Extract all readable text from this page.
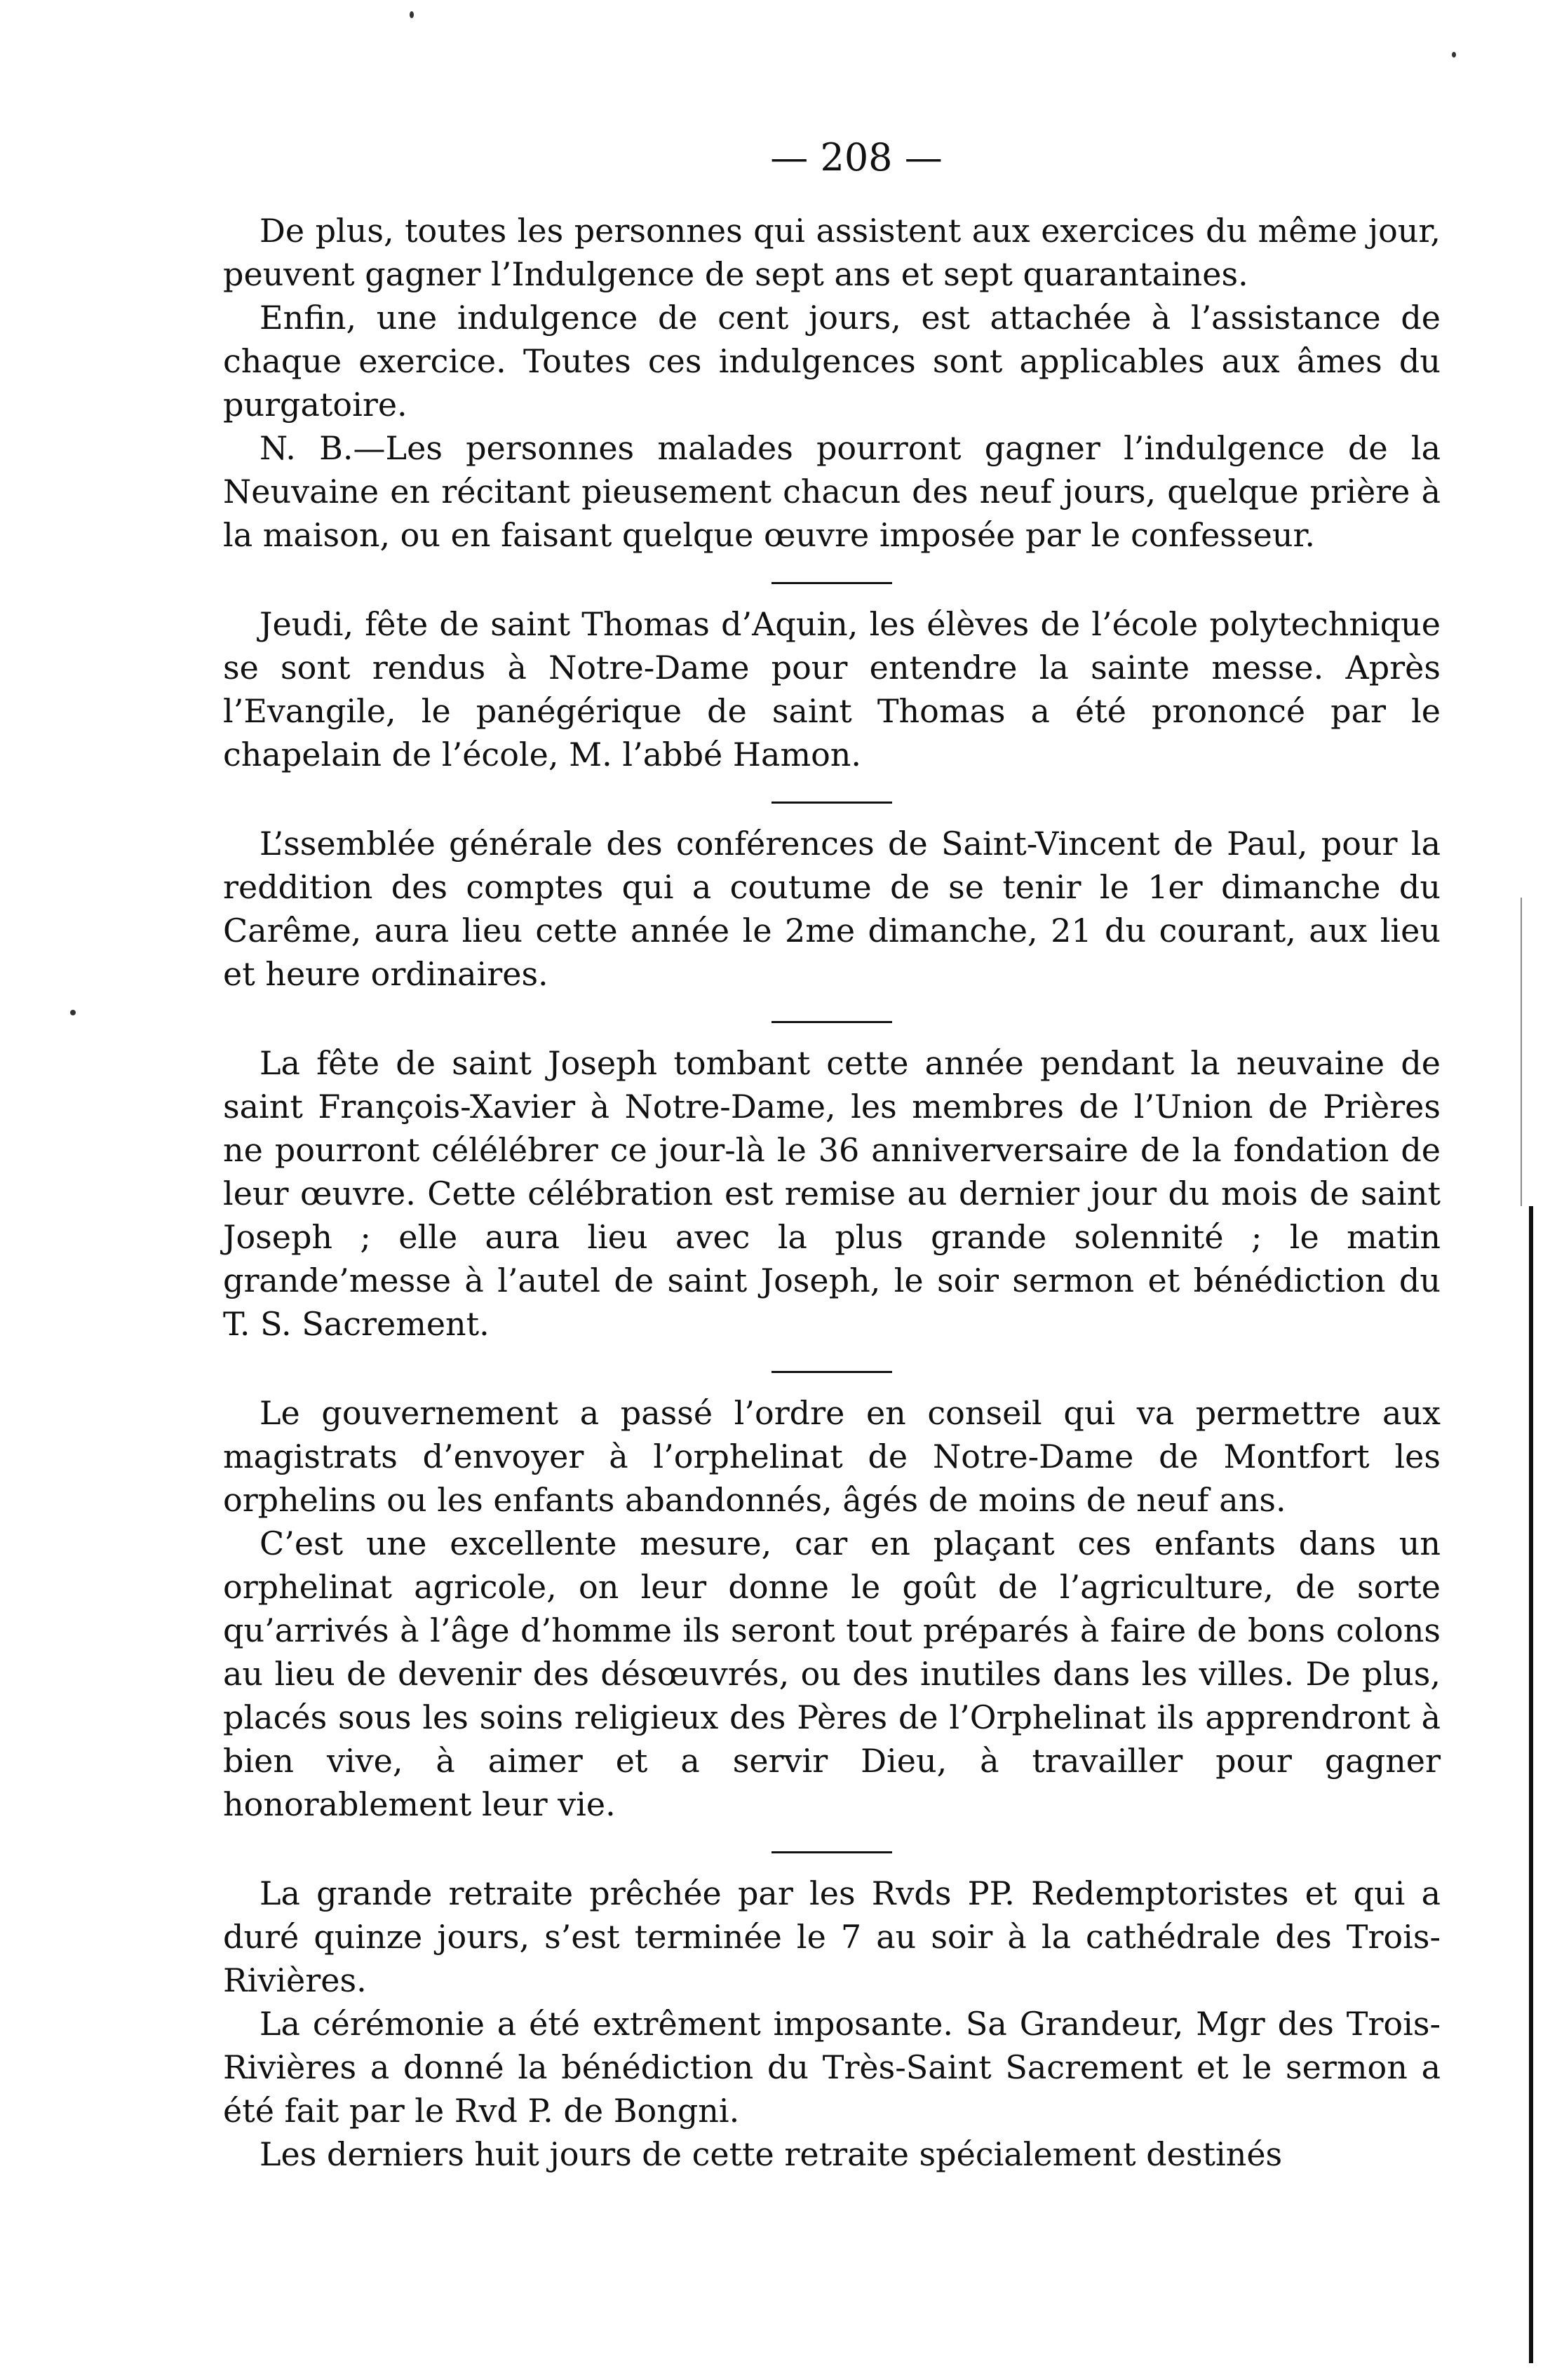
— 208 —

De plus, toutes les personnes qui assistent aux exercices du même jour, peuvent gagner l’Indulgence de sept ans et sept quarantaines.

Enfin, une indulgence de cent jours, est attachée à l’assistance de chaque exercice. Toutes ces indulgences sont applicables aux âmes du purgatoire.

N. B.—Les personnes malades pourront gagner l’indulgence de la Neuvaine en récitant pieusement chacun des neuf jours, quelque prière à la maison, ou en faisant quelque œuvre imposée par le confesseur.

Jeudi, fête de saint Thomas d’Aquin, les élèves de l’école polytechnique se sont rendus à Notre-Dame pour entendre la sainte messe. Après l’Evangile, le panégérique de saint Thomas a été prononcé par le chapelain de l’école, M. l’abbé Hamon.

L’ssemblée générale des conférences de Saint-Vincent de Paul, pour la reddition des comptes qui a coutume de se tenir le 1er dimanche du Carême, aura lieu cette année le 2me dimanche, 21 du courant, aux lieu et heure ordinaires.

La fête de saint Joseph tombant cette année pendant la neuvaine de saint François-Xavier à Notre-Dame, les membres de l’Union de Prières ne pourront célélébrer ce jour-là le 36 anniverversaire de la fondation de leur œuvre. Cette célébration est remise au dernier jour du mois de saint Joseph ; elle aura lieu avec la plus grande solennité ; le matin grande’messe à l’autel de saint Joseph, le soir sermon et bénédiction du T. S. Sacrement.

Le gouvernement a passé l’ordre en conseil qui va permettre aux magistrats d’envoyer à l’orphelinat de Notre-Dame de Montfort les orphelins ou les enfants abandonnés, âgés de moins de neuf ans.

C’est une excellente mesure, car en plaçant ces enfants dans un orphelinat agricole, on leur donne le goût de l’agriculture, de sorte qu’arrivés à l’âge d’homme ils seront tout préparés à faire de bons colons au lieu de devenir des désœuvrés, ou des inutiles dans les villes. De plus, placés sous les soins religieux des Pères de l’Orphelinat ils apprendront à bien vive, à aimer et a servir Dieu, à travailler pour gagner honorablement leur vie.

La grande retraite prêchée par les Rvds PP. Redemptoristes et qui a duré quinze jours, s’est terminée le 7 au soir à la cathédrale des Trois-Rivières.

La cérémonie a été extrêment imposante. Sa Grandeur, Mgr des Trois-Rivières a donné la bénédiction du Très-Saint Sacrement et le sermon a été fait par le Rvd P. de Bongni.

Les derniers huit jours de cette retraite spécialement destinés
